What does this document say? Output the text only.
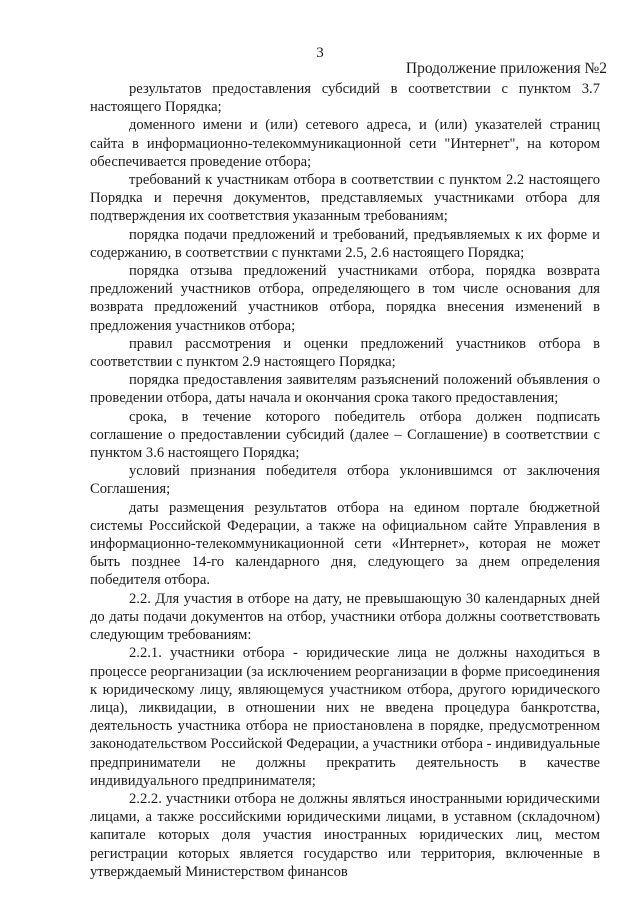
3
Продолжение приложения №2

результатов предоставления субсидий в соответствии с пунктом 3.7 настоящего Порядка;

доменного имени и (или) сетевого адреса, и (или) указателей страниц сайта в информационно-телекоммуникационной сети "Интернет", на котором обеспечивается проведение отбора;

требований к участникам отбора в соответствии с пунктом 2.2 настоящего Порядка и перечня документов, представляемых участниками отбора для подтверждения их соответствия указанным требованиям;

порядка подачи предложений и требований, предъявляемых к их форме и содержанию, в соответствии с пунктами 2.5, 2.6 настоящего Порядка;

порядка отзыва предложений участниками отбора, порядка возврата предложений участников отбора, определяющего в том числе основания для возврата предложений участников отбора, порядка внесения изменений в предложения участников отбора;

правил рассмотрения и оценки предложений участников отбора в соответствии с пунктом 2.9 настоящего Порядка;

порядка предоставления заявителям разъяснений положений объявления о проведении отбора, даты начала и окончания срока такого предоставления;

срока, в течение которого победитель отбора должен подписать соглашение о предоставлении субсидий (далее – Соглашение) в соответствии с пунктом 3.6 настоящего Порядка;

условий признания победителя отбора уклонившимся от заключения Соглашения;

даты размещения результатов отбора на едином портале бюджетной системы Российской Федерации, а также на официальном сайте Управления в информационно-телекоммуникационной сети «Интернет», которая не может быть позднее 14-го календарного дня, следующего за днем определения победителя отбора.

2.2. Для участия в отборе на дату, не превышающую 30 календарных дней до даты подачи документов на отбор, участники отбора должны соответствовать следующим требованиям:

2.2.1. участники отбора - юридические лица не должны находиться в процессе реорганизации (за исключением реорганизации в форме присоединения к юридическому лицу, являющемуся участником отбора, другого юридического лица), ликвидации, в отношении них не введена процедура банкротства, деятельность участника отбора не приостановлена в порядке, предусмотренном законодательством Российской Федерации, а участники отбора - индивидуальные предприниматели не должны прекратить деятельность в качестве индивидуального предпринимателя;

2.2.2. участники отбора не должны являться иностранными юридическими лицами, а также российскими юридическими лицами, в уставном (складочном) капитале которых доля участия иностранных юридических лиц, местом регистрации которых является государство или территория, включенные в утверждаемый Министерством финансов
